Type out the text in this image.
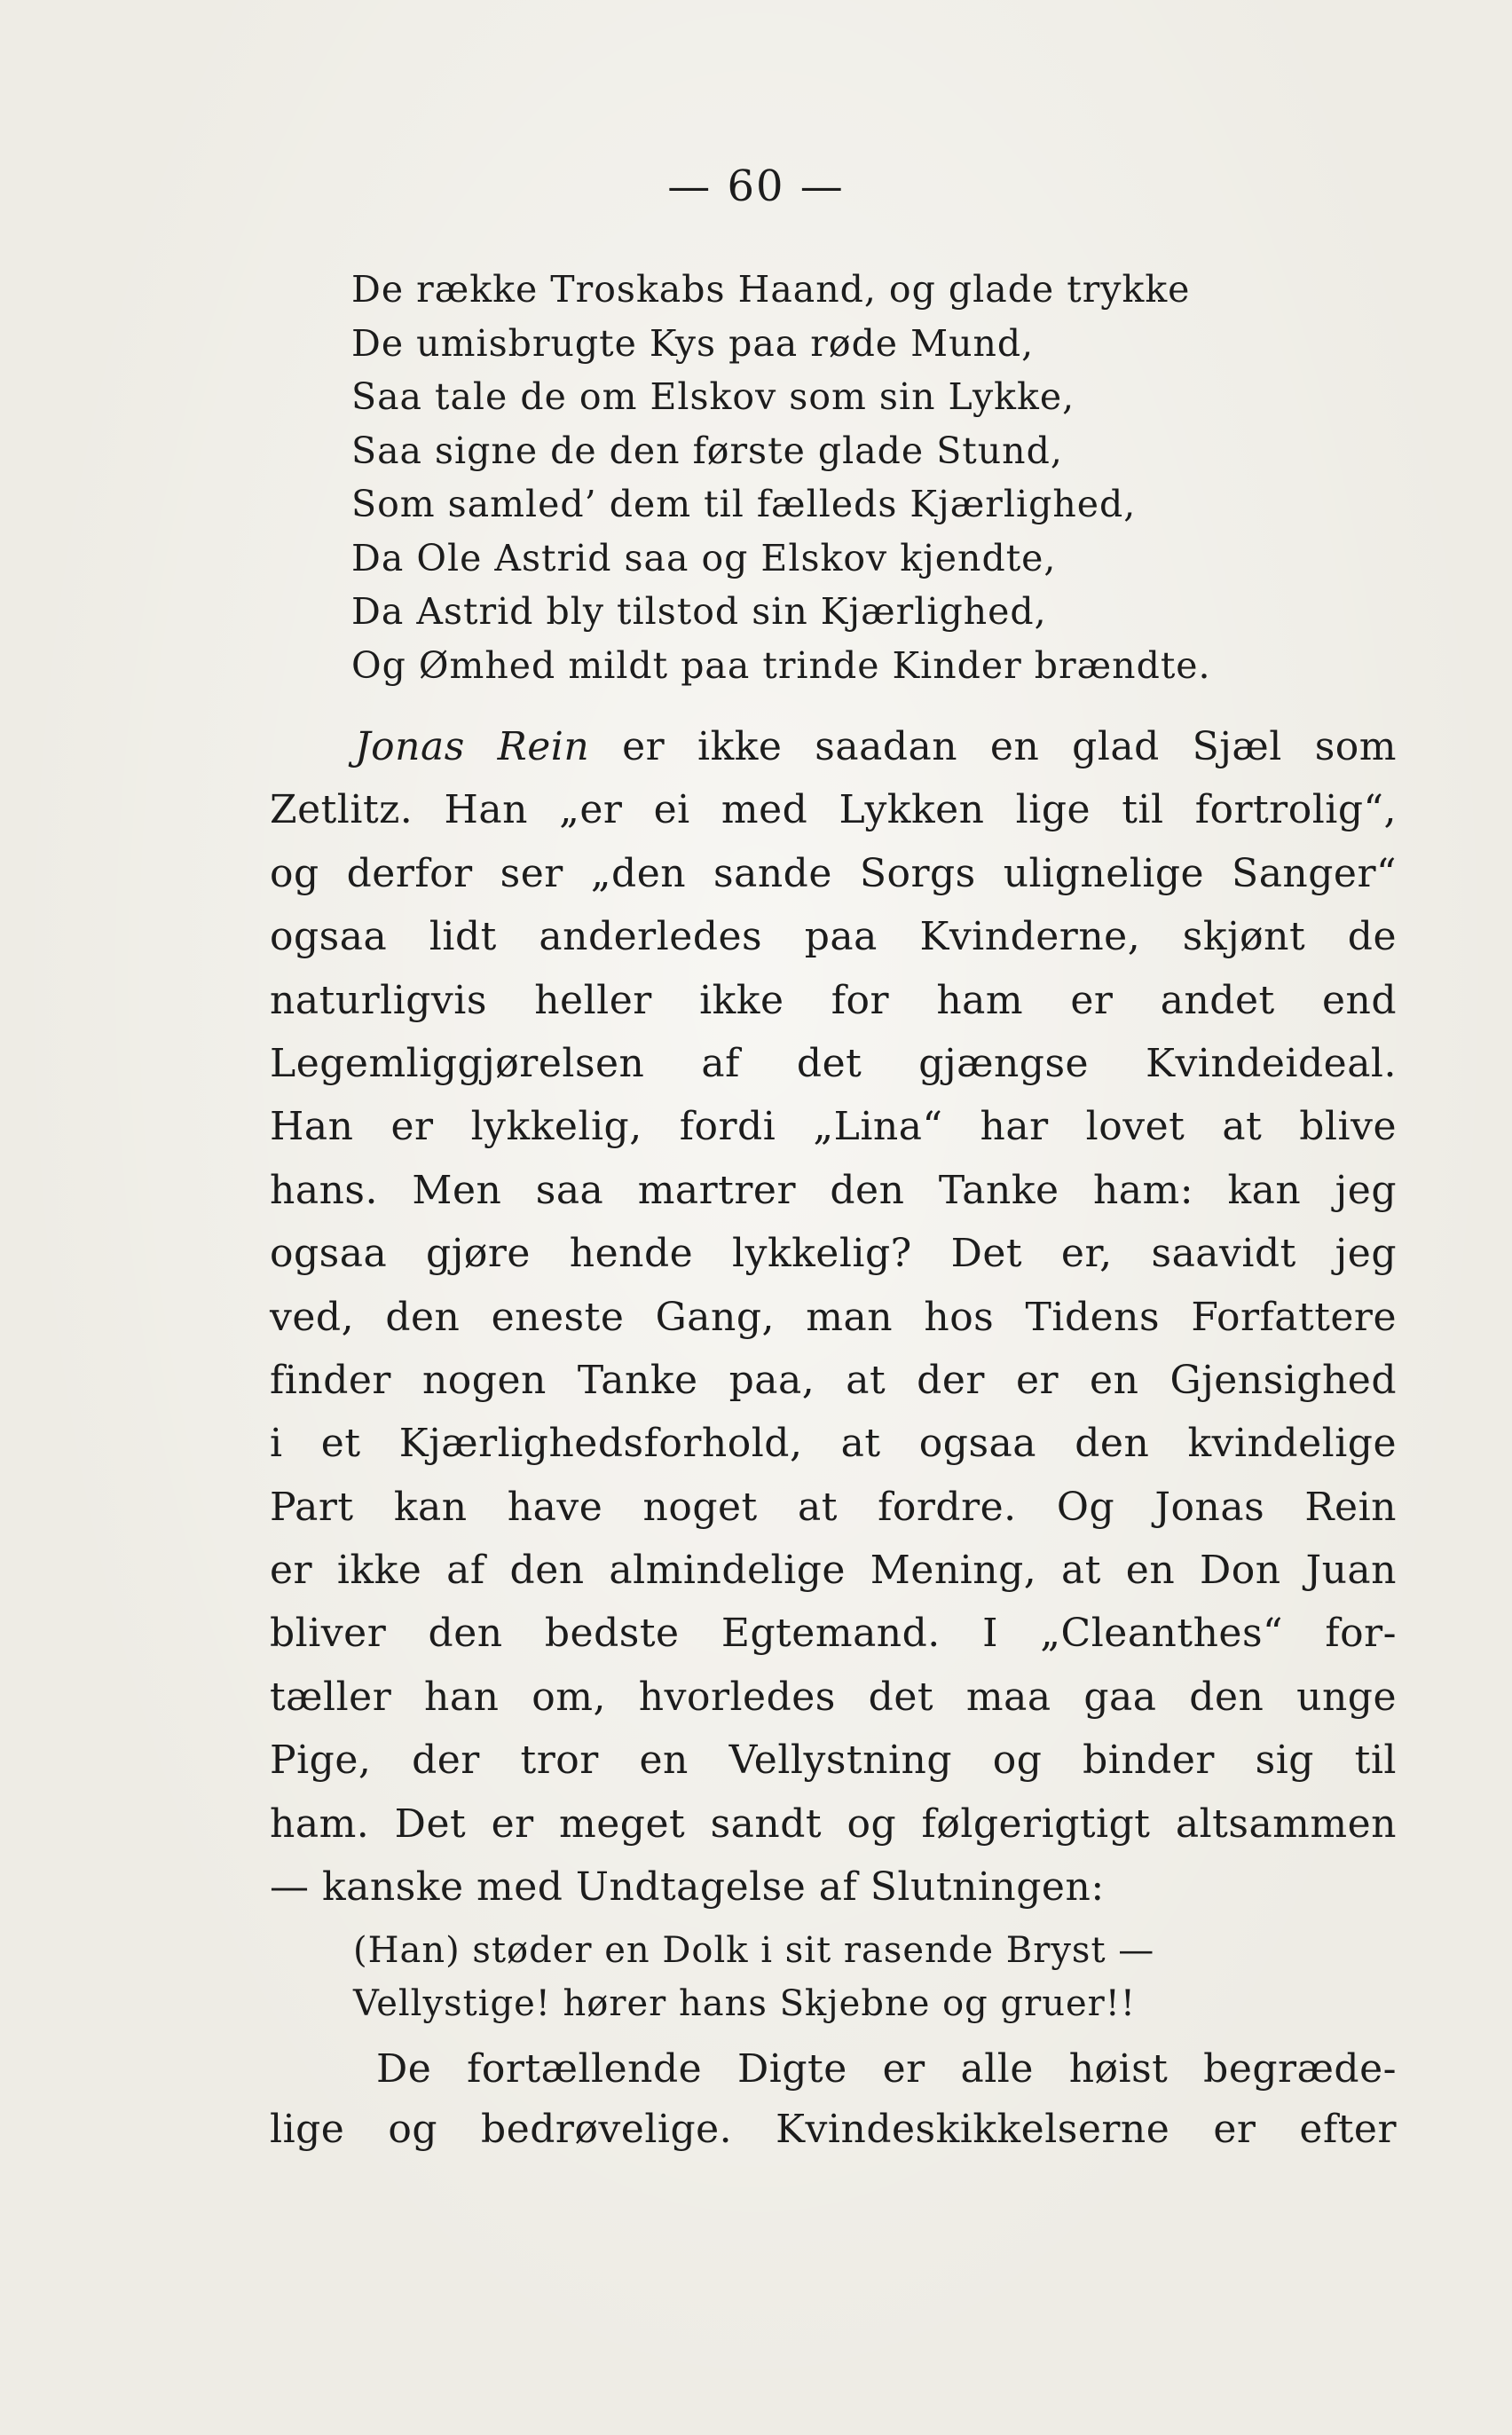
— 60 —
De række Troskabs Haand, og glade trykke
De umisbrugte Kys paa røde Mund,
Saa tale de om Elskov som sin Lykke,
Saa signe de den første glade Stund,
Som samled’ dem til fælleds Kjærlighed,
Da Ole Astrid saa og Elskov kjendte,
Da Astrid bly tilstod sin Kjærlighed,
Og Ømhed mildt paa trinde Kinder brændte.
Jonas Rein er ikke saadan en glad Sjæl som
Zetlitz. Han „er ei med Lykken lige til fortrolig“,
og derfor ser „den sande Sorgs ulignelige Sanger“
ogsaa lidt anderledes paa Kvinderne, skjønt de
naturligvis heller ikke for ham er andet end
Legemliggjørelsen af det gjængse Kvindeideal.
Han er lykkelig, fordi „Lina“ har lovet at blive
hans. Men saa martrer den Tanke ham: kan jeg
ogsaa gjøre hende lykkelig? Det er, saavidt jeg
ved, den eneste Gang, man hos Tidens Forfattere
finder nogen Tanke paa, at der er en Gjensighed
i et Kjærlighedsforhold, at ogsaa den kvindelige
Part kan have noget at fordre. Og Jonas Rein
er ikke af den almindelige Mening, at en Don Juan
bliver den bedste Egtemand. I „Cleanthes“ for-
tæller han om, hvorledes det maa gaa den unge
Pige, der tror en Vellystning og binder sig til
ham. Det er meget sandt og følgerigtigt altsammen
— kanske med Undtagelse af Slutningen:
(Han) støder en Dolk i sit rasende Bryst —
Vellystige! hører hans Skjebne og gruer!!
De fortællende Digte er alle høist begræde-
lige og bedrøvelige. Kvindeskikkelserne er efter
